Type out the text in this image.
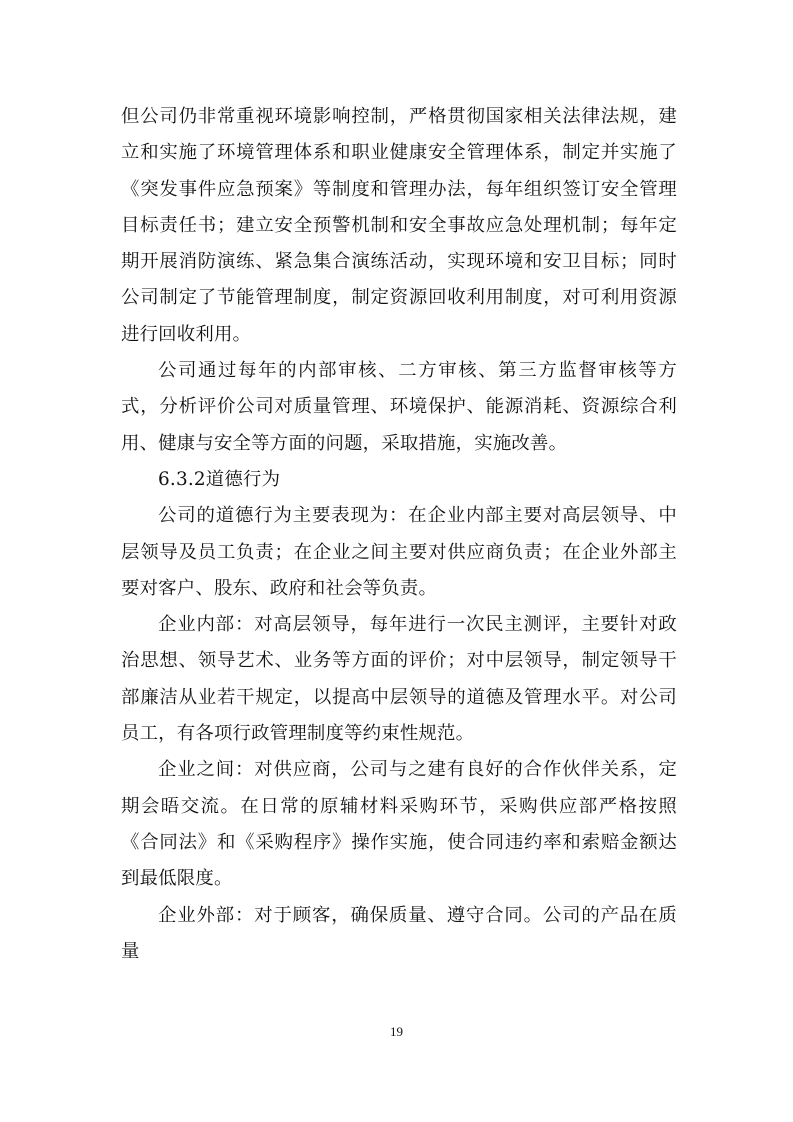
但公司仍非常重视环境影响控制，严格贯彻国家相关法律法规，建立和实施了环境管理体系和职业健康安全管理体系，制定并实施了《突发事件应急预案》等制度和管理办法，每年组织签订安全管理目标责任书；建立安全预警机制和安全事故应急处理机制；每年定期开展消防演练、紧急集合演练活动，实现环境和安卫目标；同时公司制定了节能管理制度，制定资源回收利用制度，对可利用资源进行回收利用。

公司通过每年的内部审核、二方审核、第三方监督审核等方式，分析评价公司对质量管理、环境保护、能源消耗、资源综合利用、健康与安全等方面的问题，采取措施，实施改善。

6.3.2道德行为

公司的道德行为主要表现为：在企业内部主要对高层领导、中层领导及员工负责；在企业之间主要对供应商负责；在企业外部主要对客户、股东、政府和社会等负责。

企业内部：对高层领导，每年进行一次民主测评，主要针对政治思想、领导艺术、业务等方面的评价；对中层领导，制定领导干部廉洁从业若干规定，以提高中层领导的道德及管理水平。对公司员工，有各项行政管理制度等约束性规范。

企业之间：对供应商，公司与之建有良好的合作伙伴关系，定期会晤交流。在日常的原辅材料采购环节，采购供应部严格按照《合同法》和《采购程序》操作实施，使合同违约率和索赔金额达到最低限度。

企业外部：对于顾客，确保质量、遵守合同。公司的产品在质量

19
